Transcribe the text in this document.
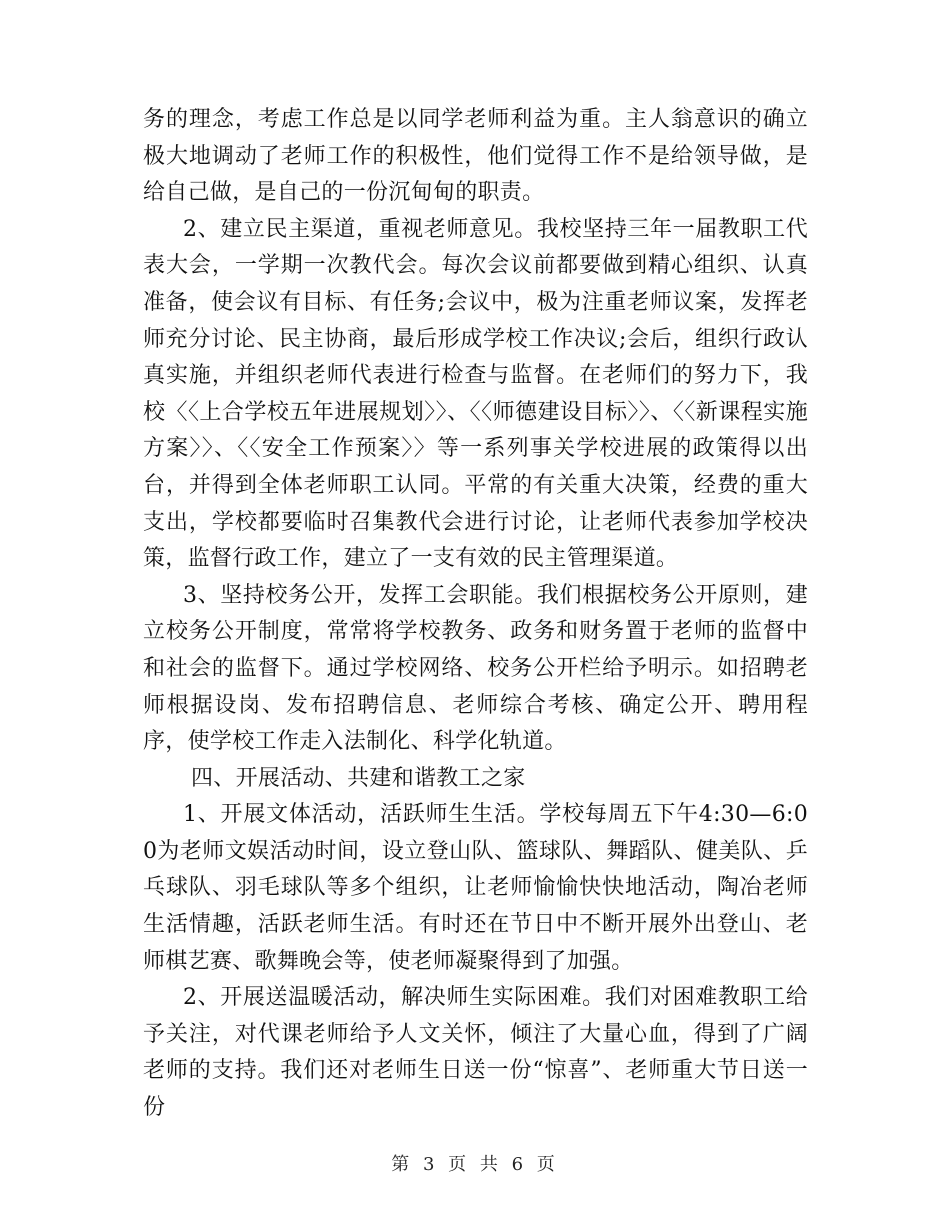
务的理念，考虑工作总是以同学老师利益为重。主人翁意识的确立极大地调动了老师工作的积极性，他们觉得工作不是给领导做，是给自己做，是自己的一份沉甸甸的职责。

2、建立民主渠道，重视老师意见。我校坚持三年一届教职工代表大会，一学期一次教代会。每次会议前都要做到精心组织、认真准备，使会议有目标、有任务;会议中，极为注重老师议案，发挥老师充分讨论、民主协商，最后形成学校工作决议;会后，组织行政认真实施，并组织老师代表进行检查与监督。在老师们的努力下，我校〈〈上合学校五年进展规划〉〉、〈〈师德建设目标〉〉、〈〈新课程实施方案〉〉、〈〈安全工作预案〉〉等一系列事关学校进展的政策得以出台，并得到全体老师职工认同。平常的有关重大决策，经费的重大支出，学校都要临时召集教代会进行讨论，让老师代表参加学校决策，监督行政工作，建立了一支有效的民主管理渠道。

3、坚持校务公开，发挥工会职能。我们根据校务公开原则，建立校务公开制度，常常将学校教务、政务和财务置于老师的监督中和社会的监督下。通过学校网络、校务公开栏给予明示。如招聘老师根据设岗、发布招聘信息、老师综合考核、确定公开、聘用程序，使学校工作走入法制化、科学化轨道。

四、开展活动、共建和谐教工之家

1、开展文体活动，活跃师生生活。学校每周五下午4:30—6:00为老师文娱活动时间，设立登山队、篮球队、舞蹈队、健美队、乒乓球队、羽毛球队等多个组织，让老师愉愉快快地活动，陶冶老师生活情趣，活跃老师生活。有时还在节日中不断开展外出登山、老师棋艺赛、歌舞晚会等，使老师凝聚得到了加强。

2、开展送温暖活动，解决师生实际困难。我们对困难教职工给予关注，对代课老师给予人文关怀，倾注了大量心血，得到了广阔老师的支持。我们还对老师生日送一份“惊喜”、老师重大节日送一份

第 3 页 共 6 页
